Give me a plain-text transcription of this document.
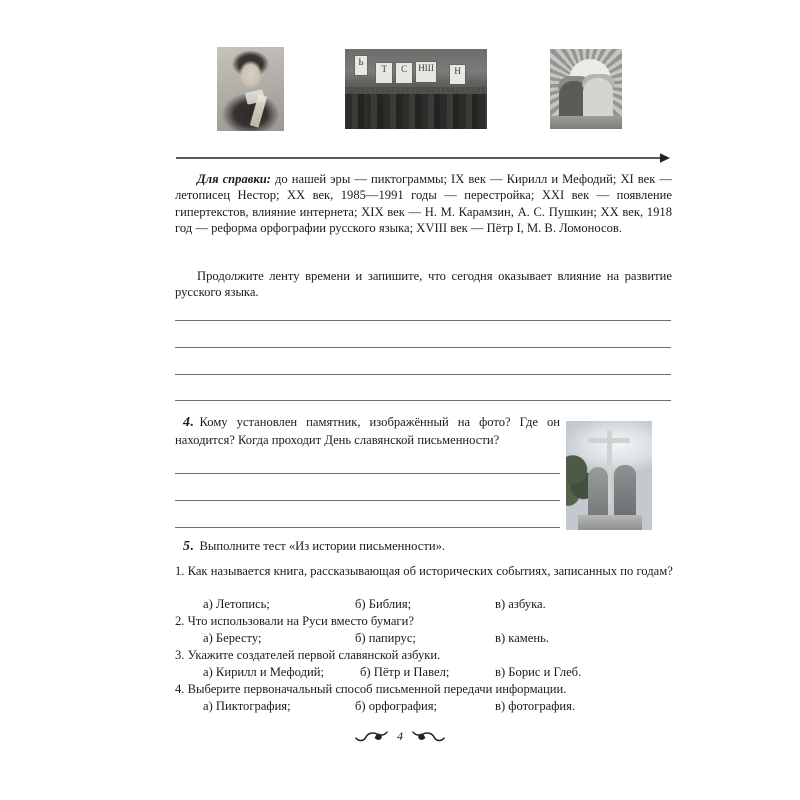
Ь
Т	С	НШ	Н
Для справки: до нашей эры — пиктограммы; IX век — Кирилл и Мефодий; XI век — летописец Нестор; XX век, 1985—1991 годы — перестройка; XXI век — появление гипертекстов, влияние интернета; XIX век — Н. М. Карамзин, А. С. Пушкин; XX век, 1918 год — реформа орфографии русского языка; XVIII век — Пётр I, М. В. Ломоносов.
Продолжите ленту времени и запишите, что сегодня оказывает влияние на развитие русского языка.
4. Кому установлен памятник, изображённый на фото? Где он находится? Когда проходит День славянской письменности?
5. Выполните тест «Из истории письменности».
1. Как называется книга, рассказывающая об исторических событиях, записанных по годам?
а) Летопись;	б) Библия;	в) азбука.
2. Что использовали на Руси вместо бумаги?
а) Бересту;	б) папирус;	в) камень.
3. Укажите создателей первой славянской азбуки.
а) Кирилл и Мефодий;	б) Пётр и Павел;	в) Борис и Глеб.
4. Выберите первоначальный способ письменной передачи информации.
а) Пиктография;	б) орфография;	в) фотография.
4
